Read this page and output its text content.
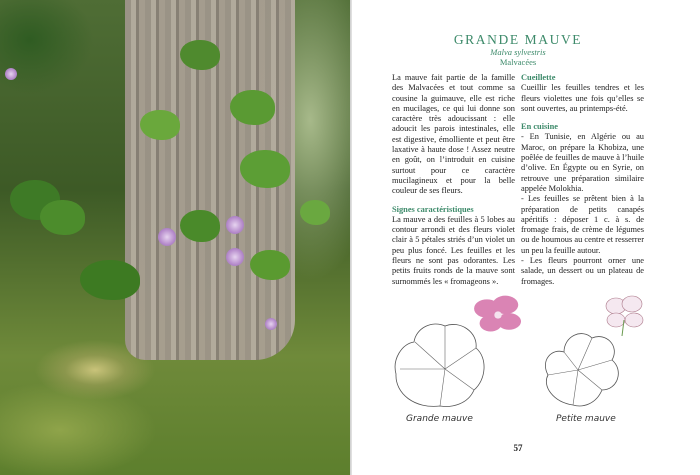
GRANDE MAUVE
Malva sylvestris
Malvacées

La mauve fait partie de la famille des Malvacées et tout comme sa cousine la guimauve, elle est riche en mucilages, ce qui lui donne son caractère très adoucissant : elle adoucit les parois intestinales, elle est digestive, émolliente et peut être laxative à haute dose ! Assez neutre en goût, on l’introduit en cuisine surtout pour ce caractère mucilagineux et pour la belle couleur de ses fleurs.

Signes caractéristiques

La mauve a des feuilles à 5 lobes au contour arrondi et des fleurs violet clair à 5 pétales striés d’un violet un peu plus foncé. Les feuilles et les fleurs ne sont pas odorantes. Les petits fruits ronds de la mauve sont surnommés les « fromageons ».

Cueillette

Cueillir les feuilles tendres et les fleurs violettes une fois qu’elles se sont ouvertes, au printemps-été.

En cuisine

- En Tunisie, en Algérie ou au Maroc, on prépare la Khobiza, une poêlée de feuilles de mauve à l’huile d’olive. En Égypte ou en Syrie, on retrouve une préparation similaire appelée Molokhia.

- Les feuilles se prêtent bien à la préparation de petits canapés apéritifs : déposer 1 c. à s. de fromage frais, de crème de légumes ou de houmous au centre et resserrer un peu la feuille autour.

- Les fleurs pourront orner une salade, un dessert ou un plateau de fromages.

Grande mauve	Petite mauve
57
